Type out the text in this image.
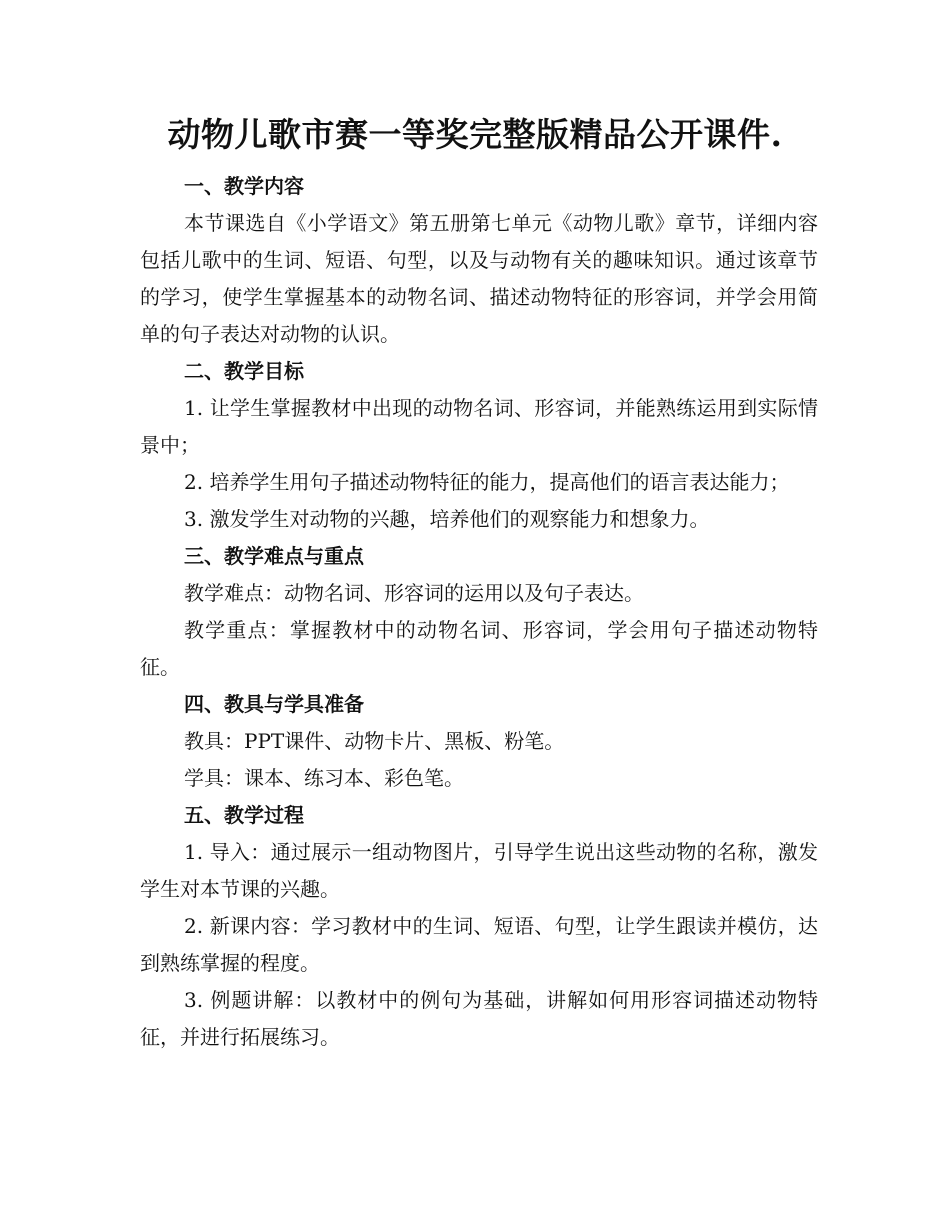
动物儿歌市赛一等奖完整版精品公开课件.

一、教学内容

本节课选自《小学语文》第五册第七单元《动物儿歌》章节，详细内容包括儿歌中的生词、短语、句型，以及与动物有关的趣味知识。通过该章节的学习，使学生掌握基本的动物名词、描述动物特征的形容词，并学会用简单的句子表达对动物的认识。

二、教学目标

1. 让学生掌握教材中出现的动物名词、形容词，并能熟练运用到实际情景中；

2. 培养学生用句子描述动物特征的能力，提高他们的语言表达能力；

3. 激发学生对动物的兴趣，培养他们的观察能力和想象力。

三、教学难点与重点

教学难点：动物名词、形容词的运用以及句子表达。

教学重点：掌握教材中的动物名词、形容词，学会用句子描述动物特征。

四、教具与学具准备

教具：PPT课件、动物卡片、黑板、粉笔。

学具：课本、练习本、彩色笔。

五、教学过程

1. 导入：通过展示一组动物图片，引导学生说出这些动物的名称，激发学生对本节课的兴趣。

2. 新课内容：学习教材中的生词、短语、句型，让学生跟读并模仿，达到熟练掌握的程度。

3. 例题讲解：以教材中的例句为基础，讲解如何用形容词描述动物特征，并进行拓展练习。
